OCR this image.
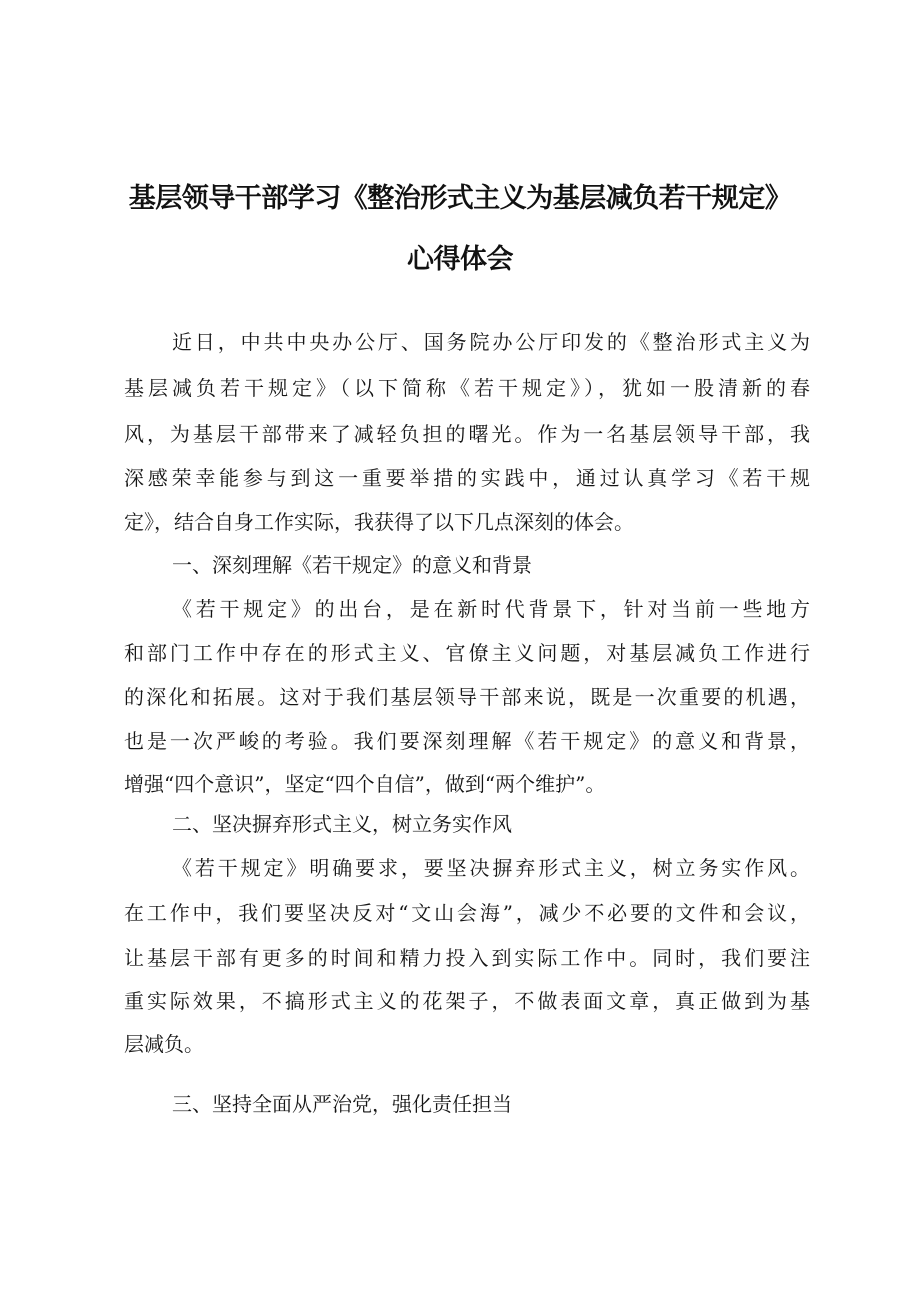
基层领导干部学习《整治形式主义为基层减负若干规定》
心得体会
近日，中共中央办公厅、国务院办公厅印发的《整治形式主义为
基层减负若干规定》（以下简称《若干规定》），犹如一股清新的春
风，为基层干部带来了减轻负担的曙光。作为一名基层领导干部，我
深感荣幸能参与到这一重要举措的实践中，通过认真学习《若干规
定》，结合自身工作实际，我获得了以下几点深刻的体会。
一、深刻理解《若干规定》的意义和背景
《若干规定》的出台，是在新时代背景下，针对当前一些地方
和部门工作中存在的形式主义、官僚主义问题，对基层减负工作进行
的深化和拓展。这对于我们基层领导干部来说，既是一次重要的机遇，
也是一次严峻的考验。我们要深刻理解《若干规定》的意义和背景，
增强“四个意识”，坚定“四个自信”，做到“两个维护”。
二、坚决摒弃形式主义，树立务实作风
《若干规定》明确要求，要坚决摒弃形式主义，树立务实作风。
在工作中，我们要坚决反对“文山会海”，减少不必要的文件和会议，
让基层干部有更多的时间和精力投入到实际工作中。同时，我们要注
重实际效果，不搞形式主义的花架子，不做表面文章，真正做到为基
层减负。
三、坚持全面从严治党，强化责任担当
